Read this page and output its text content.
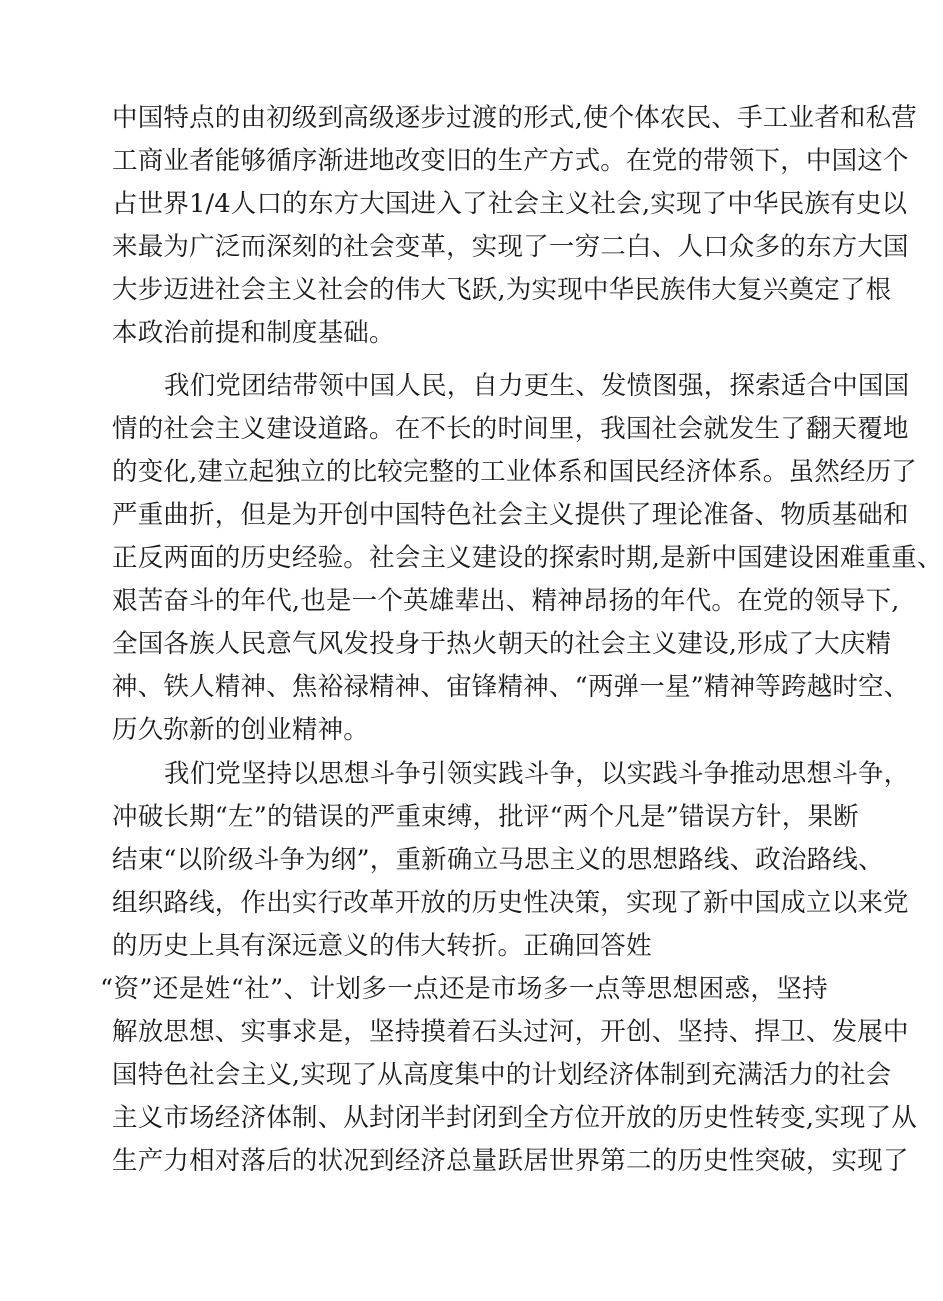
中国特点的由初级到高级逐步过渡的形式,使个体农民、手工业者和私营
工商业者能够循序渐进地改变旧的生产方式。在党的带领下，中国这个
占世界1/4人口的东方大国进入了社会主义社会,实现了中华民族有史以
来最为广泛而深刻的社会变革，实现了一穷二白、人口众多的东方大国
大步迈进社会主义社会的伟大飞跃,为实现中华民族伟大复兴奠定了根
本政治前提和制度基础。
我们党团结带领中国人民，自力更生、发愤图强，探索适合中国国
情的社会主义建设道路。在不长的时间里，我国社会就发生了翻天覆地
的变化,建立起独立的比较完整的工业体系和国民经济体系。虽然经历了
严重曲折，但是为开创中国特色社会主义提供了理论准备、物质基础和
正反两面的历史经验。社会主义建设的探索时期,是新中国建设困难重重、
艰苦奋斗的年代,也是一个英雄辈出、精神昂扬的年代。在党的领导下,
全国各族人民意气风发投身于热火朝天的社会主义建设,形成了大庆精
神、铁人精神、焦裕禄精神、宙锋精神、“两弹一星”精神等跨越时空、
历久弥新的创业精神。
我们党坚持以思想斗争引领实践斗争，以实践斗争推动思想斗争，
冲破长期“左”的错误的严重束缚，批评“两个凡是”错误方针，果断
结束“以阶级斗争为纲”，重新确立马思主义的思想路线、政治路线、
组织路线，作出实行改革开放的历史性决策，实现了新中国成立以来党
的历史上具有深远意义的伟大转折。正确回答姓
“资”还是姓“社”、计划多一点还是市场多一点等思想困惑，坚持
解放思想、实事求是，坚持摸着石头过河，开创、坚持、捍卫、发展中
国特色社会主义,实现了从高度集中的计划经济体制到充满活力的社会
主义市场经济体制、从封闭半封闭到全方位开放的历史性转变,实现了从
生产力相对落后的状况到经济总量跃居世界第二的历史性突破，实现了
